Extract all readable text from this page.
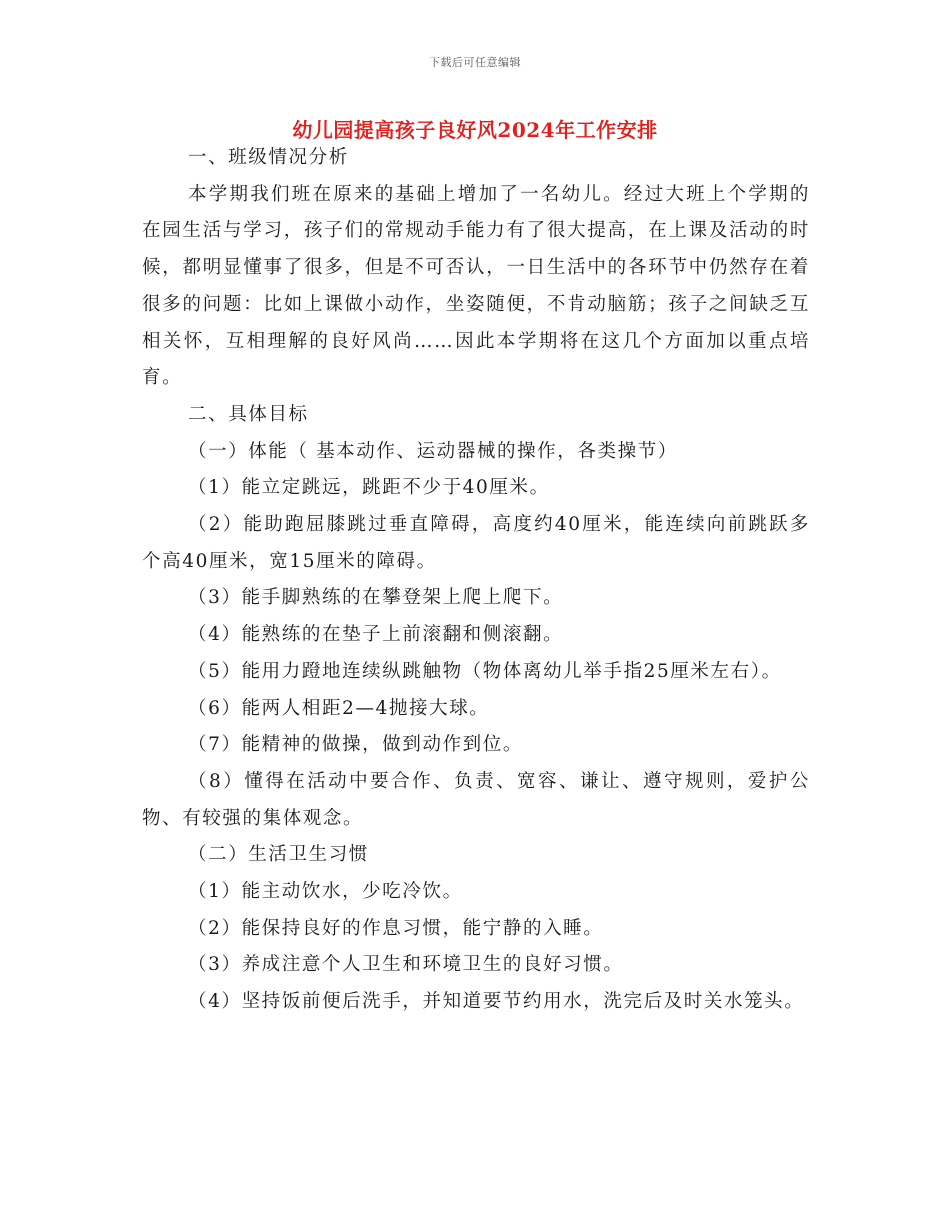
下载后可任意编辑
幼儿园提高孩子良好风2024年工作安排

一、班级情况分析

本学期我们班在原来的基础上增加了一名幼儿。经过大班上个学期的在园生活与学习，孩子们的常规动手能力有了很大提高，在上课及活动的时候，都明显懂事了很多，但是不可否认，一日生活中的各环节中仍然存在着很多的问题：比如上课做小动作，坐姿随便，不肯动脑筋；孩子之间缺乏互相关怀，互相理解的良好风尚……因此本学期将在这几个方面加以重点培育。

二、具体目标

（一）体能（ 基本动作、运动器械的操作，各类操节）

（1）能立定跳远，跳距不少于40厘米。

（2）能助跑屈膝跳过垂直障碍，高度约40厘米，能连续向前跳跃多个高40厘米，宽15厘米的障碍。

（3）能手脚熟练的在攀登架上爬上爬下。

（4）能熟练的在垫子上前滚翻和侧滚翻。

（5）能用力蹬地连续纵跳触物（物体离幼儿举手指25厘米左右）。

（6）能两人相距2—4抛接大球。

（7）能精神的做操，做到动作到位。

（8）懂得在活动中要合作、负责、宽容、谦让、遵守规则，爱护公物、有较强的集体观念。

（二）生活卫生习惯

（1）能主动饮水，少吃冷饮。

（2）能保持良好的作息习惯，能宁静的入睡。

（3）养成注意个人卫生和环境卫生的良好习惯。

（4）坚持饭前便后洗手，并知道要节约用水，洗完后及时关水笼头。
